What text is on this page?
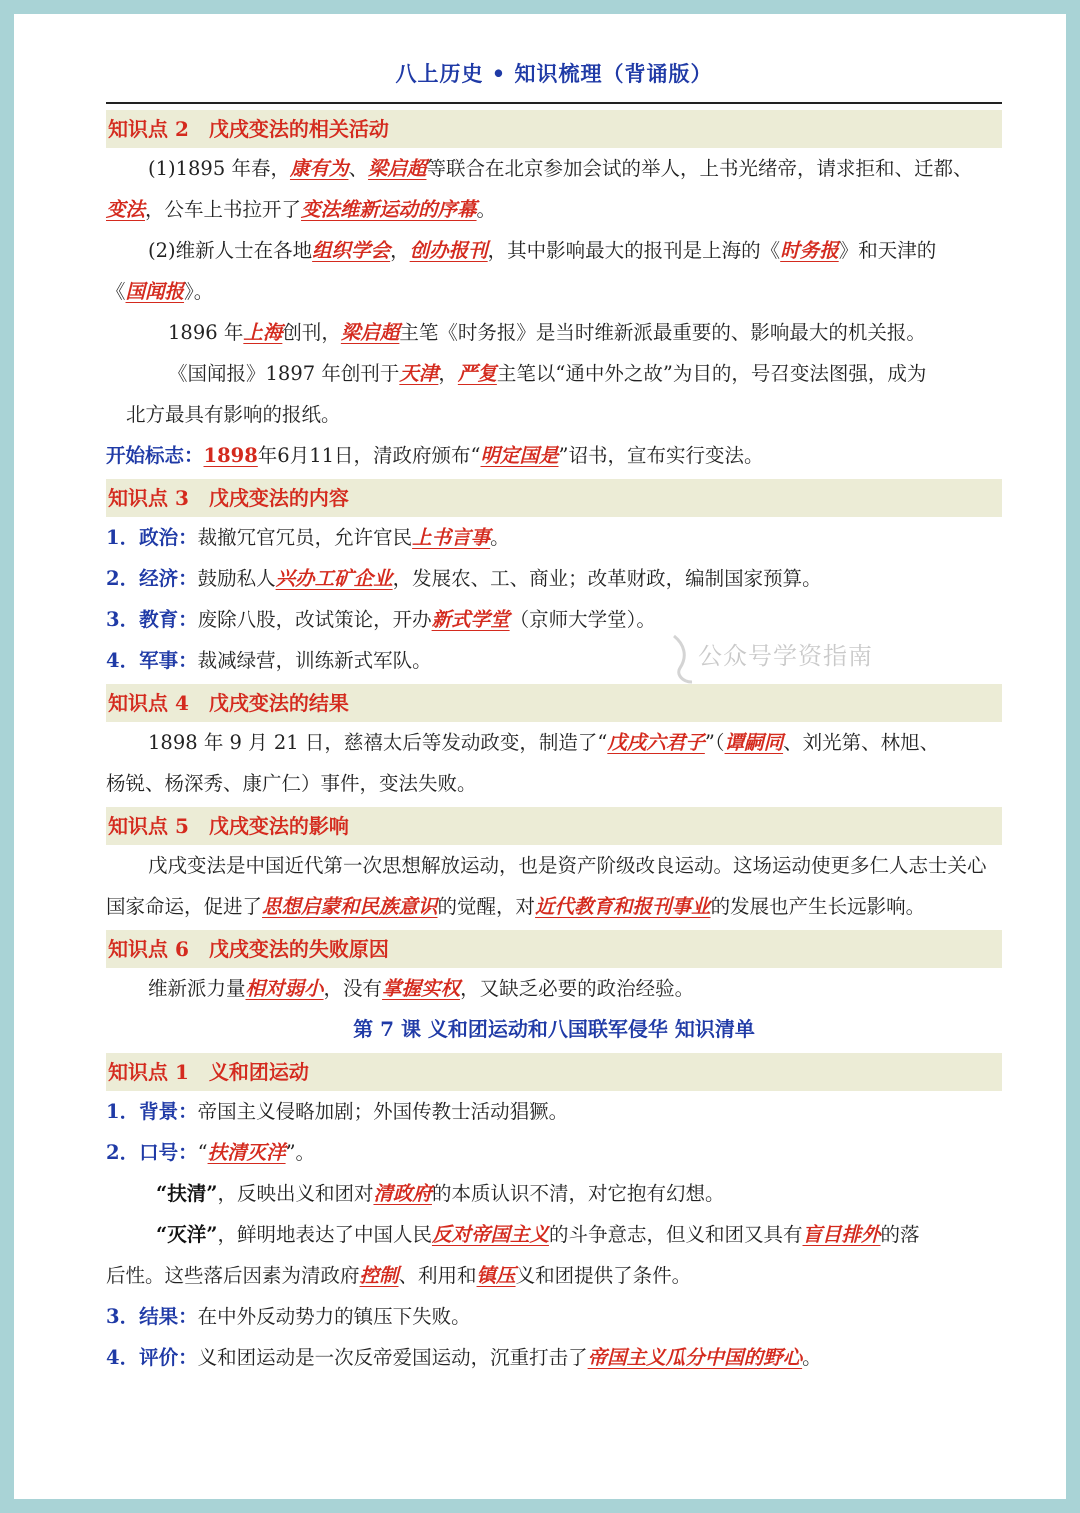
八上历史 • 知识梳理（背诵版）
知识点 2 戊戌变法的相关活动
(1)1895 年春，康有为、梁启超等联合在北京参加会试的举人，上书光绪帝，请求拒和、迁都、
变法，公车上书拉开了变法维新运动的序幕。
(2)维新人士在各地组织学会，创办报刊，其中影响最大的报刊是上海的《时务报》和天津的
《国闻报》。
1896 年上海创刊，梁启超主笔《时务报》是当时维新派最重要的、影响最大的机关报。
《国闻报》1897 年创刊于天津，严复主笔以“通中外之故”为目的，号召变法图强，成为
北方最具有影响的报纸。
开始标志：1898年6月11日，清政府颁布“明定国是”诏书，宣布实行变法。
知识点 3 戊戌变法的内容
1．政治：裁撤冗官冗员，允许官民上书言事。
2．经济：鼓励私人兴办工矿企业，发展农、工、商业；改革财政，编制国家预算。
3．教育：废除八股，改试策论，开办新式学堂（京师大学堂）。
4．军事：裁减绿营，训练新式军队。
知识点 4 戊戌变法的结果
1898 年 9 月 21 日，慈禧太后等发动政变，制造了“戊戌六君子”（谭嗣同、刘光第、林旭、
杨锐、杨深秀、康广仁）事件，变法失败。
知识点 5 戊戌变法的影响
戊戌变法是中国近代第一次思想解放运动，也是资产阶级改良运动。这场运动使更多仁人志士关心
国家命运，促进了思想启蒙和民族意识的觉醒，对近代教育和报刊事业的发展也产生长远影响。
知识点 6 戊戌变法的失败原因
维新派力量相对弱小，没有掌握实权，又缺乏必要的政治经验。
第 7 课 义和团运动和八国联军侵华 知识清单
知识点 1 义和团运动
1．背景：帝国主义侵略加剧；外国传教士活动猖獗。
2．口号：“扶清灭洋”。
“扶清”，反映出义和团对清政府的本质认识不清，对它抱有幻想。
“灭洋”，鲜明地表达了中国人民反对帝国主义的斗争意志，但义和团又具有盲目排外的落
后性。这些落后因素为清政府控制、利用和镇压义和团提供了条件。
3．结果：在中外反动势力的镇压下失败。
4．评价：义和团运动是一次反帝爱国运动，沉重打击了帝国主义瓜分中国的野心。
公众号学资指南
